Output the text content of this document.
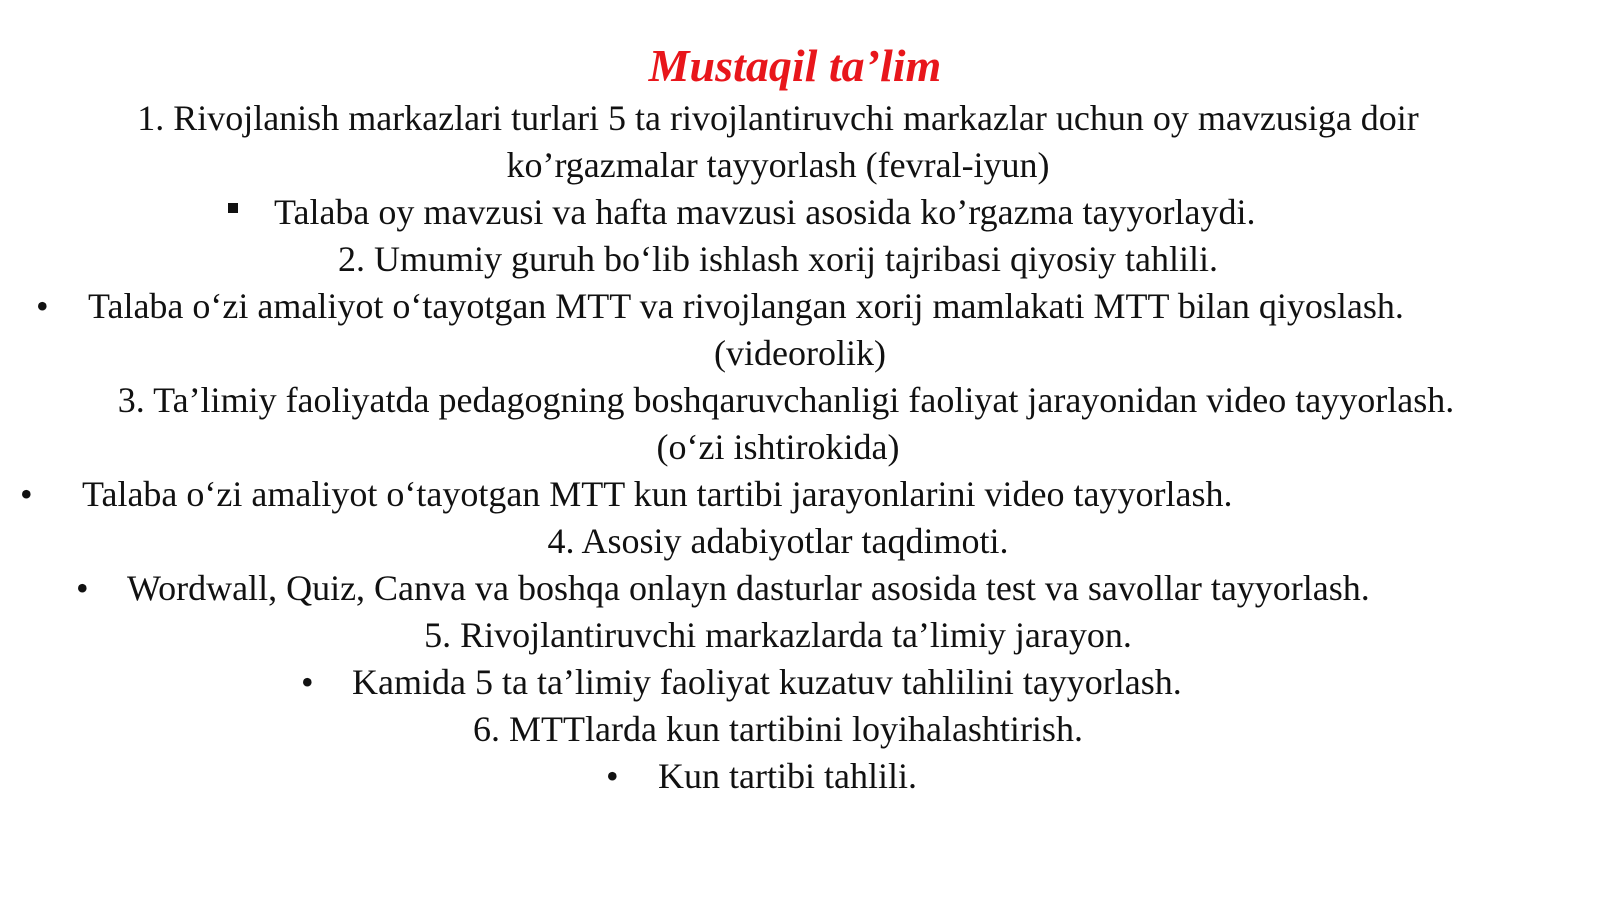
Mustaqil ta’lim
1. Rivojlanish markazlari turlari 5 ta rivojlantiruvchi markazlar uchun oy mavzusiga doir
ko’rgazmalar tayyorlash (fevral-iyun)
Talaba oy mavzusi va hafta mavzusi asosida ko’rgazma tayyorlaydi.
2. Umumiy guruh bo‘lib ishlash xorij tajribasi qiyosiy tahlili.
•	Talaba o‘zi amaliyot o‘tayotgan MTT va rivojlangan xorij mamlakati MTT bilan qiyoslash.
(videorolik)
3. Ta’limiy faoliyatda pedagogning boshqaruvchanligi faoliyat jarayonidan video tayyorlash.
(o‘zi ishtirokida)
•	Talaba o‘zi amaliyot o‘tayotgan MTT kun tartibi jarayonlarini video tayyorlash.
4. Asosiy adabiyotlar taqdimoti.
•	Wordwall, Quiz, Canva va boshqa onlayn dasturlar asosida test va savollar tayyorlash.
5. Rivojlantiruvchi markazlarda ta’limiy jarayon.
•	Kamida 5 ta ta’limiy faoliyat kuzatuv tahlilini tayyorlash.
6. MTTlarda kun tartibini loyihalashtirish.
•	Kun tartibi tahlili.
